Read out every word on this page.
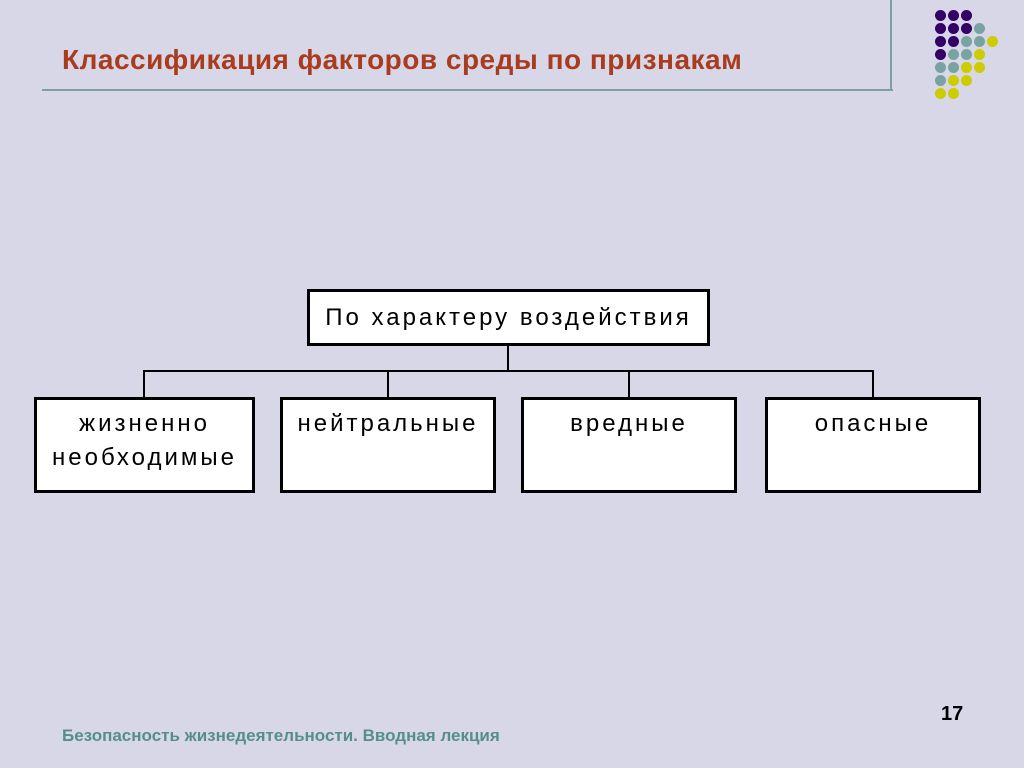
Классификация факторов среды по признакам
По характеру воздействия
жизненно необходимые
нейтральные	вредные	опасные
Безопасность жизнедеятельности. Вводная лекция
17
